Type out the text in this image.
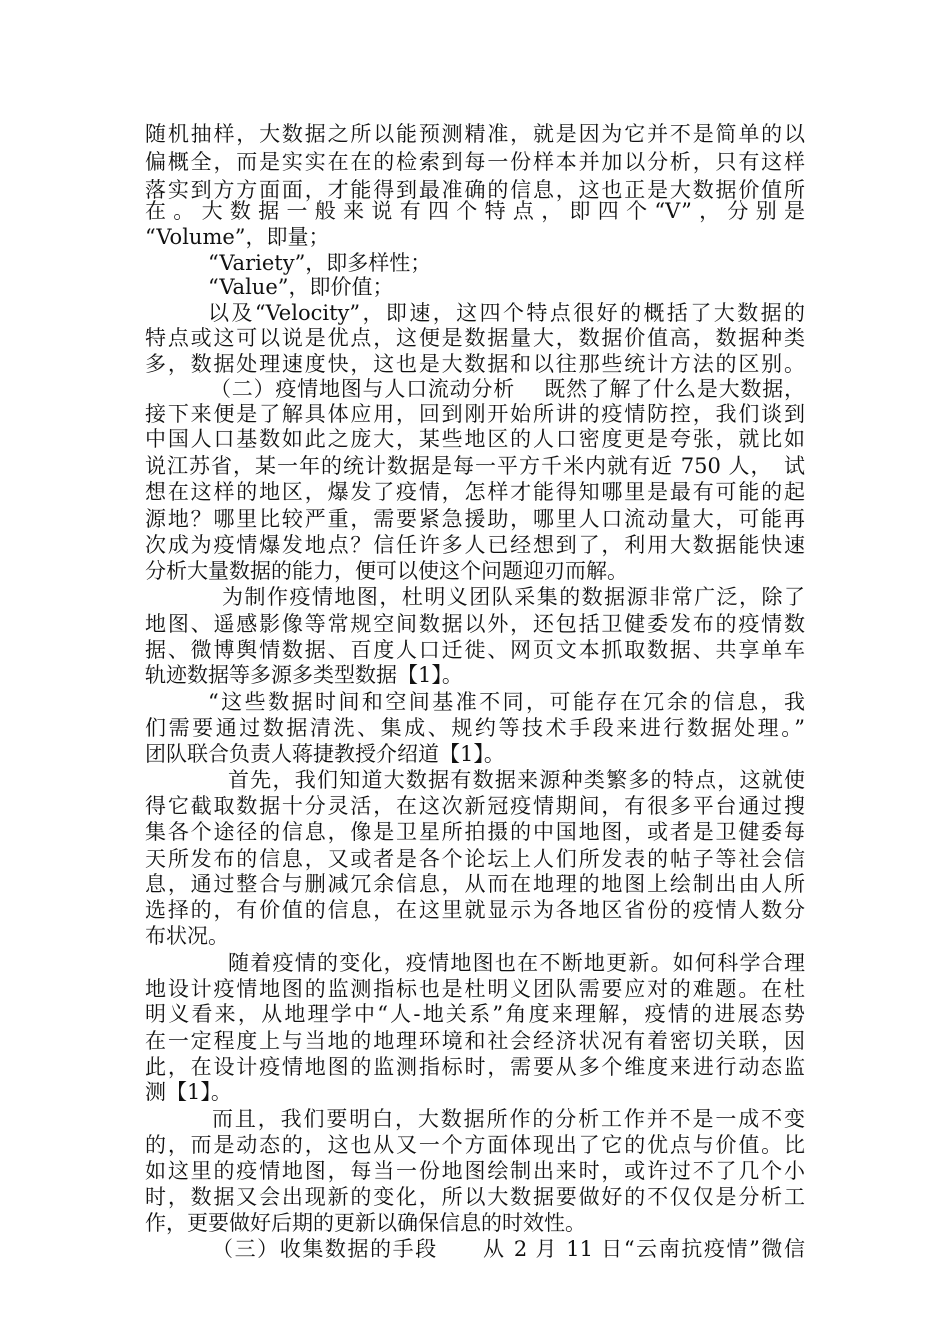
随机抽样，大数据之所以能预测精准，就是因为它并不是简单的以
偏概全，而是实实在在的检索到每一份样本并加以分析，只有这样
落实到方方面面，才能得到最准确的信息，这也正是大数据价值所
在。大数据一般来说有四个特点，即四个“V”，分别是
“Volume”，即量；
“Variety”，即多样性；
“Value”，即价值；
以及“Velocity”，即速，这四个特点很好的概括了大数据的
特点或这可以说是优点，这便是数据量大，数据价值高，数据种类
多，数据处理速度快，这也是大数据和以往那些统计方法的区别。
（二）疫情地图与人口流动分析　 既然了解了什么是大数据，
接下来便是了解具体应用，回到刚开始所讲的疫情防控，我们谈到
中国人口基数如此之庞大，某些地区的人口密度更是夸张，就比如
说江苏省，某一年的统计数据是每一平方千米内就有近 750 人，　试
想在这样的地区，爆发了疫情，怎样才能得知哪里是最有可能的起
源地？哪里比较严重，需要紧急援助，哪里人口流动量大，可能再
次成为疫情爆发地点？信任许多人已经想到了，利用大数据能快速
分析大量数据的能力，便可以使这个问题迎刃而解。
为制作疫情地图，杜明义团队采集的数据源非常广泛，除了
地图、遥感影像等常规空间数据以外，还包括卫健委发布的疫情数
据、微博舆情数据、百度人口迁徙、网页文本抓取数据、共享单车
轨迹数据等多源多类型数据【1】。
“这些数据时间和空间基准不同，可能存在冗余的信息，我
们需要通过数据清洗、集成、规约等技术手段来进行数据处理。”
团队联合负责人蒋捷教授介绍道【1】。
首先，我们知道大数据有数据来源种类繁多的特点，这就使
得它截取数据十分灵活，在这次新冠疫情期间，有很多平台通过搜
集各个途径的信息，像是卫星所拍摄的中国地图，或者是卫健委每
天所发布的信息，又或者是各个论坛上人们所发表的帖子等社会信
息，通过整合与删减冗余信息，从而在地理的地图上绘制出由人所
选择的，有价值的信息，在这里就显示为各地区省份的疫情人数分
布状况。
随着疫情的变化，疫情地图也在不断地更新。如何科学合理
地设计疫情地图的监测指标也是杜明义团队需要应对的难题。在杜
明义看来，从地理学中“人-地关系”角度来理解，疫情的进展态势
在一定程度上与当地的地理环境和社会经济状况有着密切关联，因
此，在设计疫情地图的监测指标时，需要从多个维度来进行动态监
测【1】。
而且，我们要明白，大数据所作的分析工作并不是一成不变
的，而是动态的，这也从又一个方面体现出了它的优点与价值。比
如这里的疫情地图，每当一份地图绘制出来时，或许过不了几个小
时，数据又会出现新的变化，所以大数据要做好的不仅仅是分析工
作，更要做好后期的更新以确保信息的时效性。
（三）收集数据的手段　　从 2 月 11 日“云南抗疫情”微信
